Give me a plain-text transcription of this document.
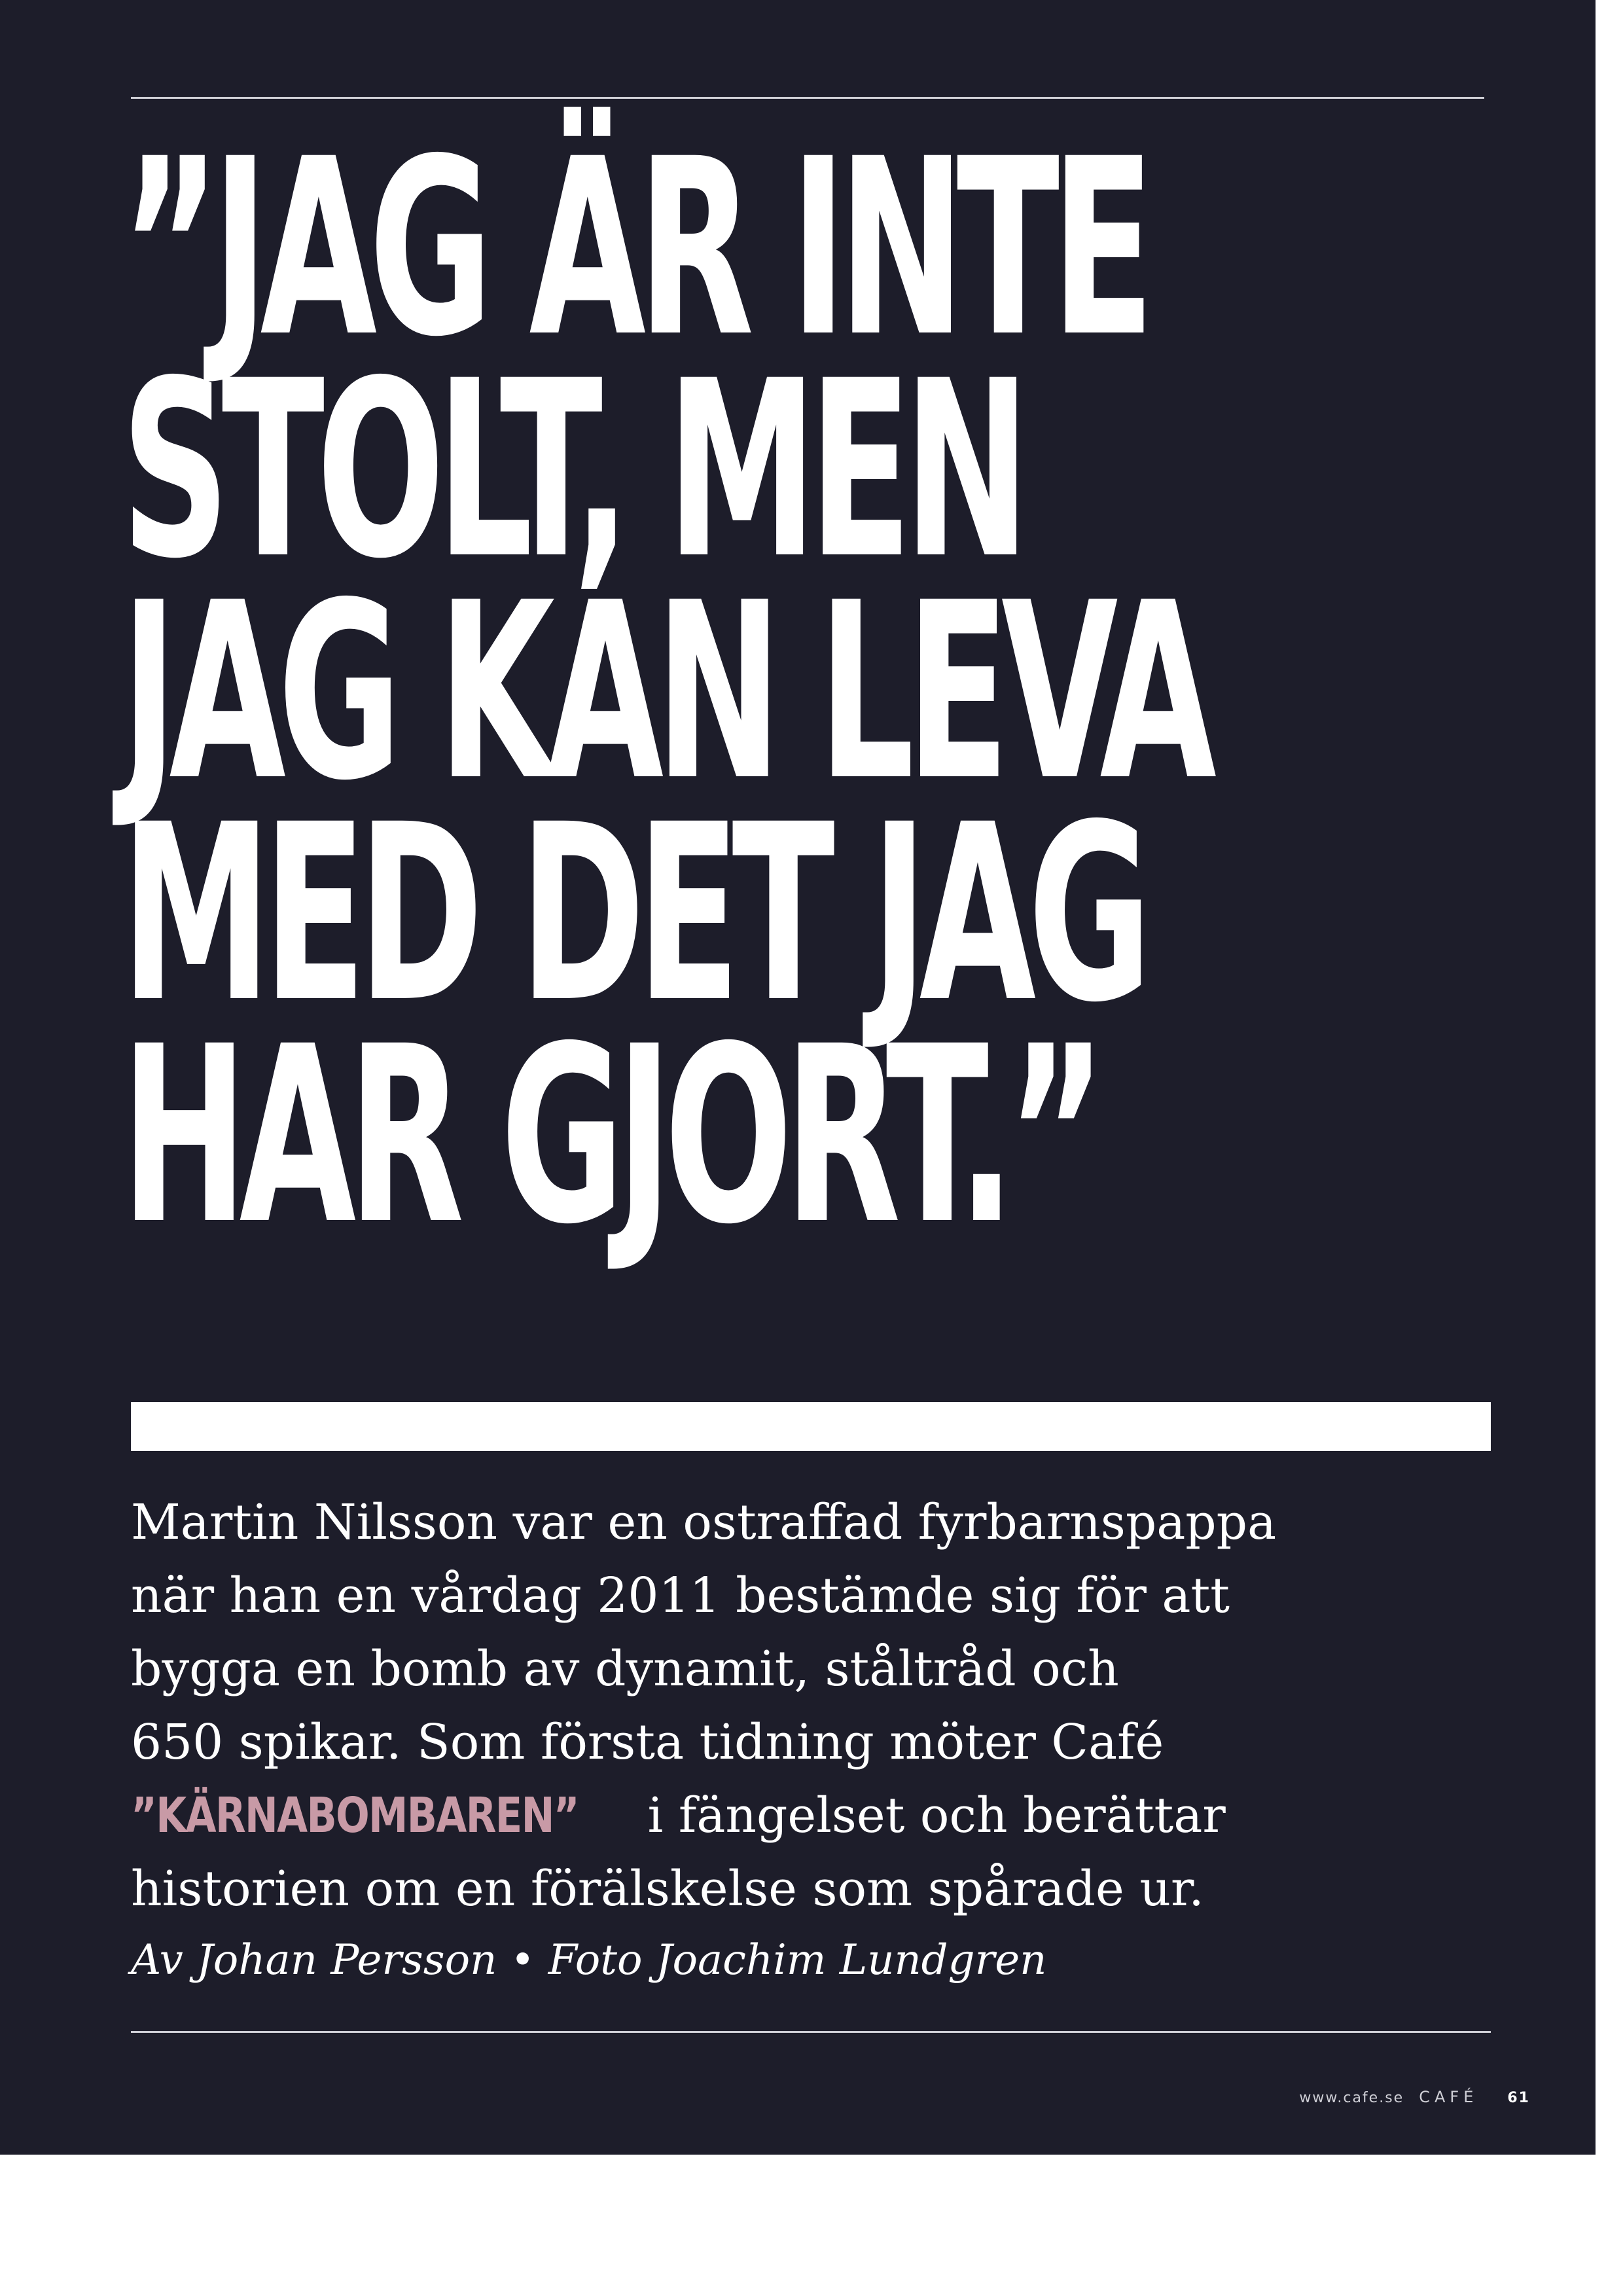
”JAG ÄR INTE
STOLT, MEN
JAG KAN LEVA
MED DET JAG
HAR GJORT.”

Martin Nilsson var en ostraffad fyrbarnspappa
när han en vårdag 2011 bestämde sig för att
bygga en bomb av dynamit, ståltråd och
650 spikar. Som första tidning möter Café
”KÄRNABOMBAREN” i fängelset och berättar
historien om en förälskelse som spårade ur.

Av Johan Persson • Foto Joachim Lundgren

www.cafe.se CAFÉ 61
